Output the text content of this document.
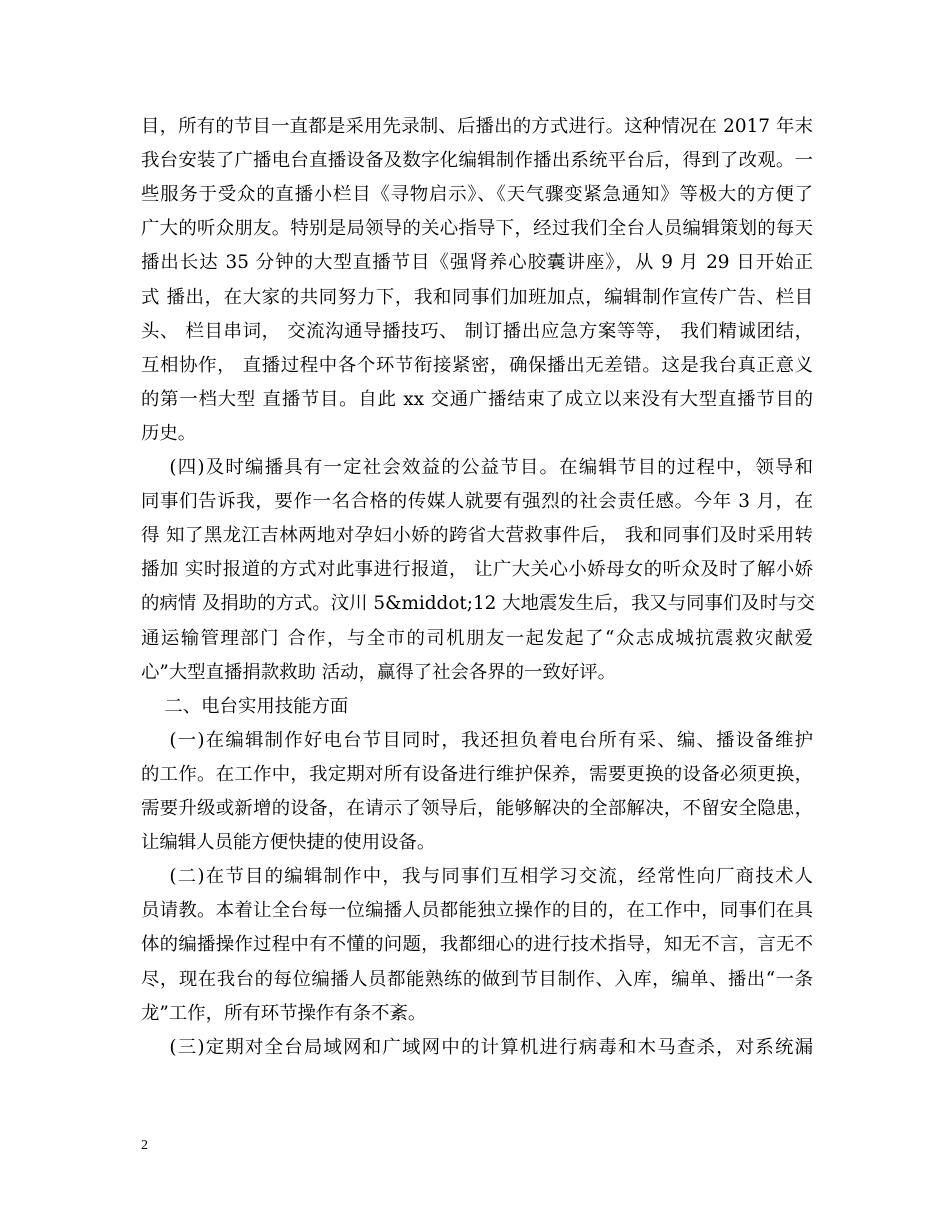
目，所有的节目一直都是采用先录制、后播出的方式进行。这种情况在 2017 年末
我台安装了广播电台直播设备及数字化编辑制作播出系统平台后，得到了改观。一
些服务于受众的直播小栏目《寻物启示》、《天气骤变紧急通知》等极大的方便了
广大的听众朋友。特别是局领导的关心指导下，经过我们全台人员编辑策划的每天
播出长达 35 分钟的大型直播节目《强肾养心胶囊讲座》，从 9 月 29 日开始正
式 播出，在大家的共同努力下，我和同事们加班加点，编辑制作宣传广告、栏目
头、 栏目串词， 交流沟通导播技巧、 制订播出应急方案等等， 我们精诚团结，
互相协作， 直播过程中各个环节衔接紧密，确保播出无差错。这是我台真正意义
的第一档大型 直播节目。自此 xx 交通广播结束了成立以来没有大型直播节目的
历史。
(四)及时编播具有一定社会效益的公益节目。在编辑节目的过程中，领导和
同事们告诉我，要作一名合格的传媒人就要有强烈的社会责任感。今年 3 月，在
得 知了黑龙江吉林两地对孕妇小娇的跨省大营救事件后， 我和同事们及时采用转
播加 实时报道的方式对此事进行报道， 让广大关心小娇母女的听众及时了解小娇
的病情 及捐助的方式。汶川 5&middot;12 大地震发生后，我又与同事们及时与交
通运输管理部门 合作，与全市的司机朋友一起发起了“众志成城抗震救灾献爱
心”大型直播捐款救助 活动，赢得了社会各界的一致好评。
二、电台实用技能方面
(一)在编辑制作好电台节目同时，我还担负着电台所有采、编、播设备维护
的工作。在工作中，我定期对所有设备进行维护保养，需要更换的设备必须更换，
需要升级或新增的设备，在请示了领导后，能够解决的全部解决，不留安全隐患，
让编辑人员能方便快捷的使用设备。
(二)在节目的编辑制作中，我与同事们互相学习交流，经常性向厂商技术人
员请教。本着让全台每一位编播人员都能独立操作的目的，在工作中，同事们在具
体的编播操作过程中有不懂的问题，我都细心的进行技术指导，知无不言，言无不
尽，现在我台的每位编播人员都能熟练的做到节目制作、入库，编单、播出“一条
龙”工作，所有环节操作有条不紊。
(三)定期对全台局域网和广域网中的计算机进行病毒和木马查杀，对系统漏
2
